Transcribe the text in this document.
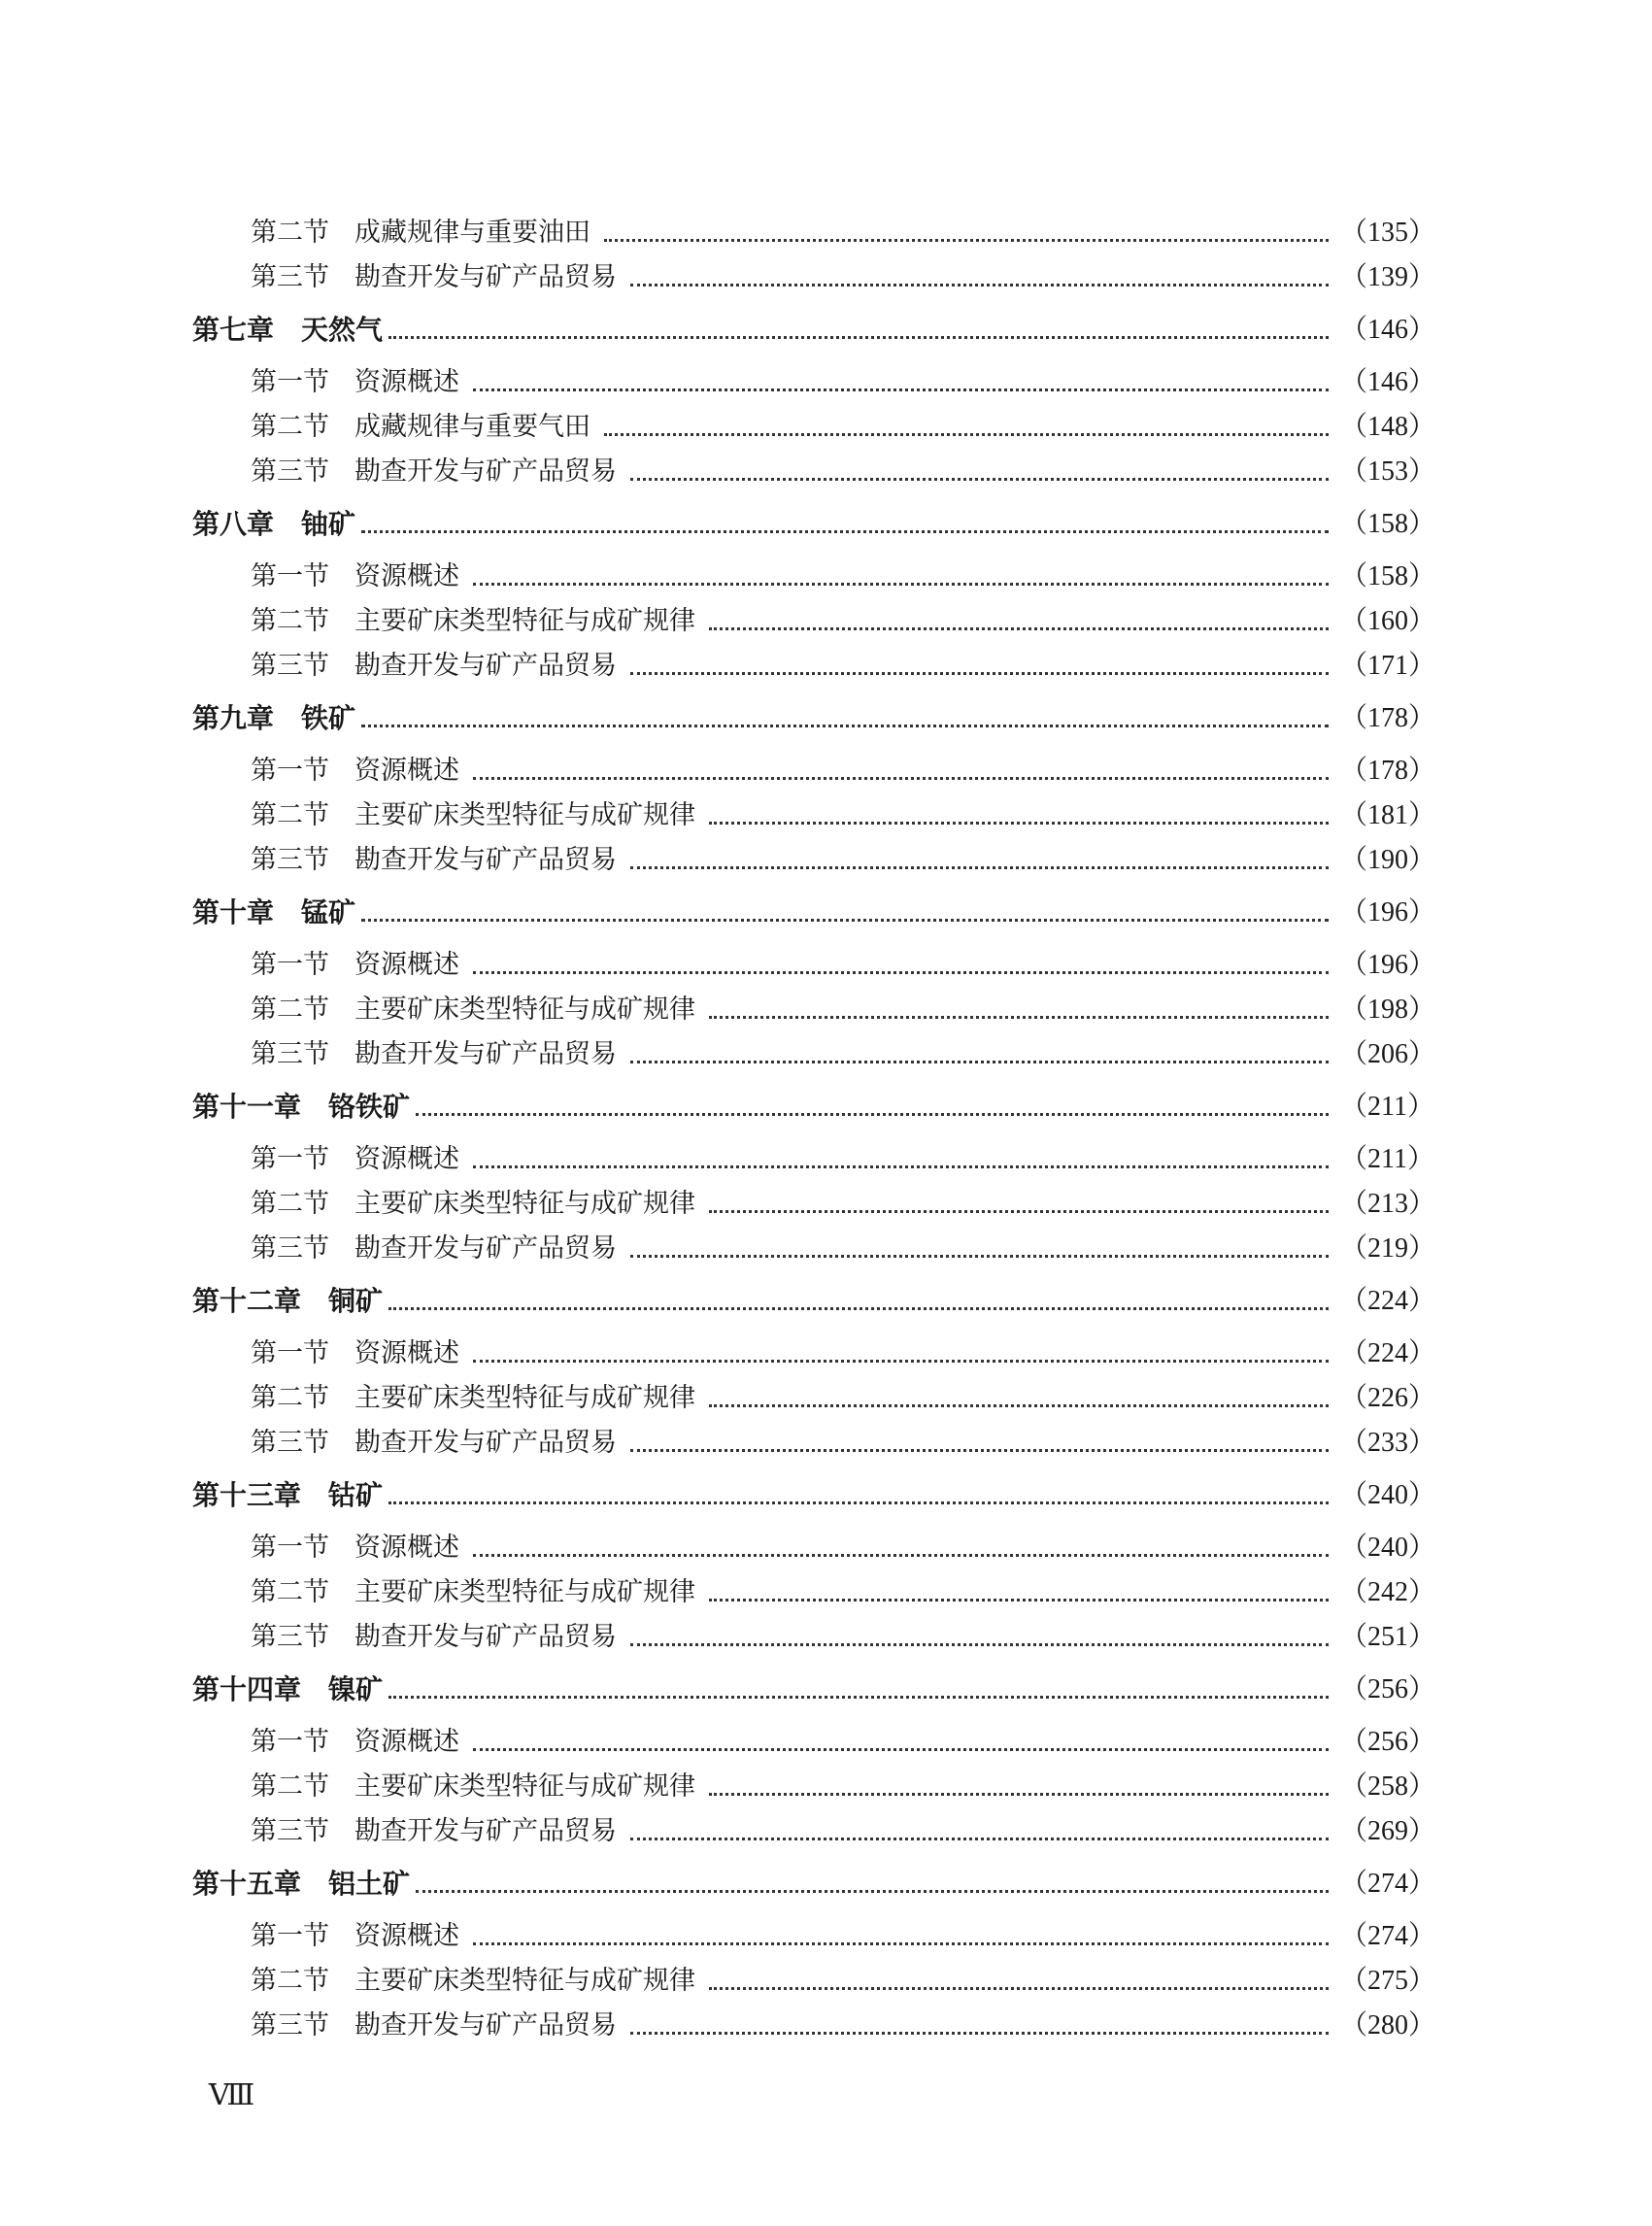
第二节 成藏规律与重要油田	（135）
第三节 勘查开发与矿产品贸易	（139）
第七章 天然气	（146）
第一节 资源概述	（146）
第二节 成藏规律与重要气田	（148）
第三节 勘查开发与矿产品贸易	（153）
第八章 铀矿	（158）
第一节 资源概述	（158）
第二节 主要矿床类型特征与成矿规律	（160）
第三节 勘查开发与矿产品贸易	（171）
第九章 铁矿	（178）
第一节 资源概述	（178）
第二节 主要矿床类型特征与成矿规律	（181）
第三节 勘查开发与矿产品贸易	（190）
第十章 锰矿	（196）
第一节 资源概述	（196）
第二节 主要矿床类型特征与成矿规律	（198）
第三节 勘查开发与矿产品贸易	（206）
第十一章 铬铁矿	（211）
第一节 资源概述	（211）
第二节 主要矿床类型特征与成矿规律	（213）
第三节 勘查开发与矿产品贸易	（219）
第十二章 铜矿	（224）
第一节 资源概述	（224）
第二节 主要矿床类型特征与成矿规律	（226）
第三节 勘查开发与矿产品贸易	（233）
第十三章 钴矿	（240）
第一节 资源概述	（240）
第二节 主要矿床类型特征与成矿规律	（242）
第三节 勘查开发与矿产品贸易	（251）
第十四章 镍矿	（256）
第一节 资源概述	（256）
第二节 主要矿床类型特征与成矿规律	（258）
第三节 勘查开发与矿产品贸易	（269）
第十五章 铝土矿	（274）
第一节 资源概述	（274）
第二节 主要矿床类型特征与成矿规律	（275）
第三节 勘查开发与矿产品贸易	（280）
Ⅷ
